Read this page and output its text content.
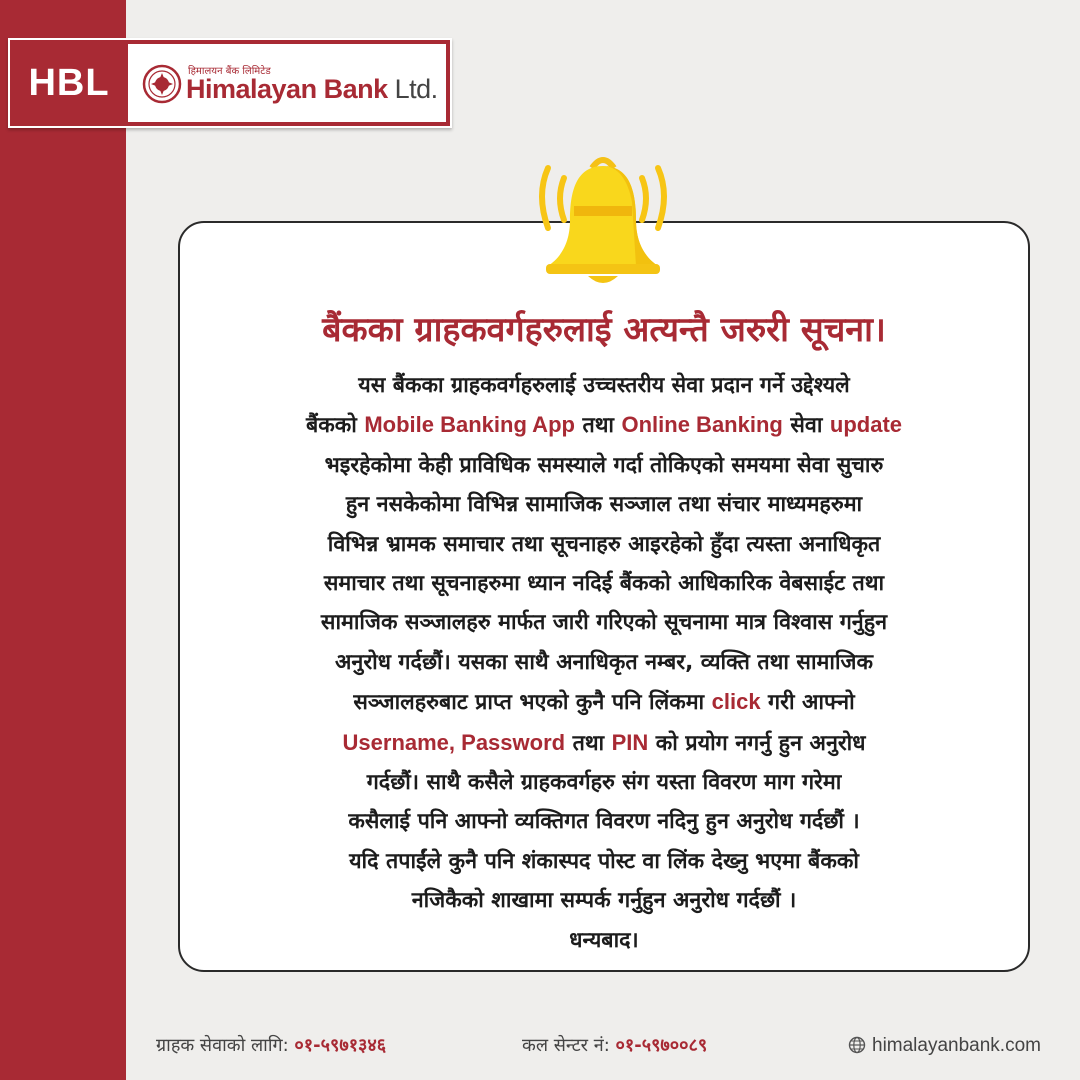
HBL	हिमालयन बैंक लिमिटेड
Himalayan Bank Ltd.
बैंकका ग्राहकवर्गहरुलाई अत्यन्तै जरुरी सूचना।
यस बैंकका ग्राहकवर्गहरुलाई उच्चस्तरीय सेवा प्रदान गर्ने उद्देश्यले
बैंकको Mobile Banking App तथा Online Banking सेवा update
भइरहेकोमा केही प्राविधिक समस्याले गर्दा तोकिएको समयमा सेवा सुचारु
हुन नसकेकोमा विभिन्न सामाजिक सञ्जाल तथा संचार माध्यमहरुमा
विभिन्न भ्रामक समाचार तथा सूचनाहरु आइरहेको हुँदा त्यस्ता अनाधिकृत
समाचार तथा सूचनाहरुमा ध्यान नदिई बैंकको आधिकारिक वेबसाईट तथा
सामाजिक सञ्जालहरु मार्फत जारी गरिएको सूचनामा मात्र विश्वास गर्नुहुन
अनुरोध गर्दछौं। यसका साथै अनाधिकृत नम्बर, व्यक्ति तथा सामाजिक
सञ्जालहरुबाट प्राप्त भएको कुनै पनि लिंकमा click गरी आफ्नो
Username, Password तथा PIN को प्रयोग नगर्नु हुन अनुरोध
गर्दछौं। साथै कसैले ग्राहकवर्गहरु संग यस्ता विवरण माग गरेमा
कसैलाई पनि आफ्नो व्यक्तिगत विवरण नदिनु हुन अनुरोध गर्दछौं ।
यदि तपाईंले कुनै पनि शंकास्पद पोस्ट वा लिंक देख्नु भएमा बैंकको
नजिकैको शाखामा सम्पर्क गर्नुहुन अनुरोध गर्दछौं ।
धन्यबाद।
ग्राहक सेवाको लागि: ०१-५९७१३४६	कल सेन्टर नं: ०१-५९७००८९	himalayanbank.com
